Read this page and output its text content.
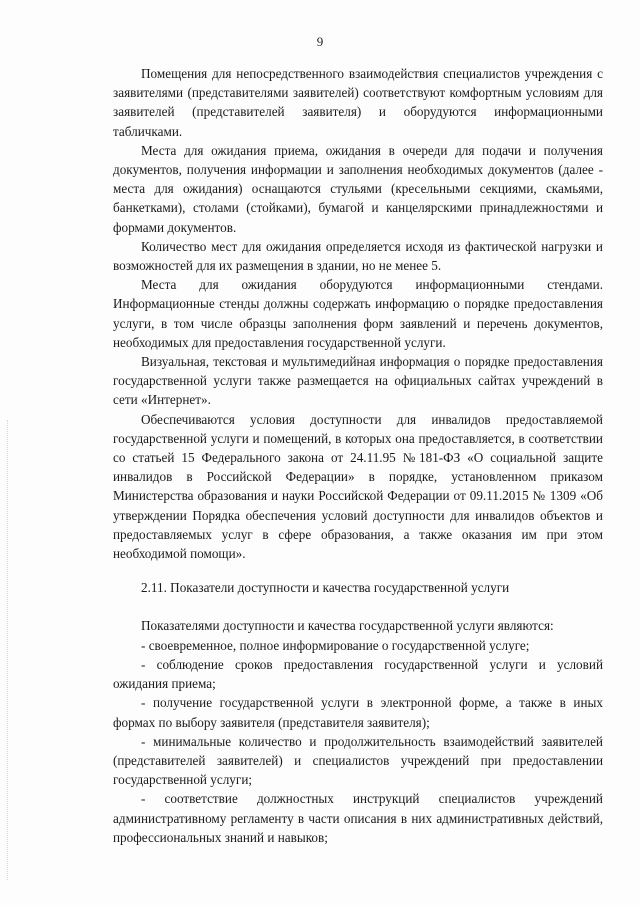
9

Помещения для непосредственного взаимодействия специалистов учреждения с заявителями (представителями заявителей) соответствуют комфортным условиям для заявителей (представителей заявителя) и оборудуются информационными табличками.

Места для ожидания приема, ожидания в очереди для подачи и получения документов, получения информации и заполнения необходимых документов (далее - места для ожидания) оснащаются стульями (кресельными секциями, скамьями, банкетками), столами (стойками), бумагой и канцелярскими принадлежностями и формами документов.

Количество мест для ожидания определяется исходя из фактической нагрузки и возможностей для их размещения в здании, но не менее 5.

Места для ожидания оборудуются информационными стендами. Информационные стенды должны содержать информацию о порядке предоставления услуги, в том числе образцы заполнения форм заявлений и перечень документов, необходимых для предоставления государственной услуги.

Визуальная, текстовая и мультимедийная информация о порядке предоставления государственной услуги также размещается на официальных сайтах учреждений в сети «Интернет».

Обеспечиваются условия доступности для инвалидов предоставляемой государственной услуги и помещений, в которых она предоставляется, в соответствии со статьей 15 Федерального закона от 24.11.95 №181-ФЗ «О социальной защите инвалидов в Российской Федерации» в порядке, установленном приказом Министерства образования и науки Российской Федерации от 09.11.2015 № 1309 «Об утверждении Порядка обеспечения условий доступности для инвалидов объектов и предоставляемых услуг в сфере образования, а также оказания им при этом необходимой помощи».

2.11. Показатели доступности и качества государственной услуги

Показателями доступности и качества государственной услуги являются:

- своевременное, полное информирование о государственной услуге;

- соблюдение сроков предоставления государственной услуги и условий ожидания приема;

- получение государственной услуги в электронной форме, а также в иных формах по выбору заявителя (представителя заявителя);

- минимальные количество и продолжительность взаимодействий заявителей (представителей заявителей) и специалистов учреждений при предоставлении государственной услуги;

- соответствие должностных инструкций специалистов учреждений административному регламенту в части описания в них административных действий, профессиональных знаний и навыков;
